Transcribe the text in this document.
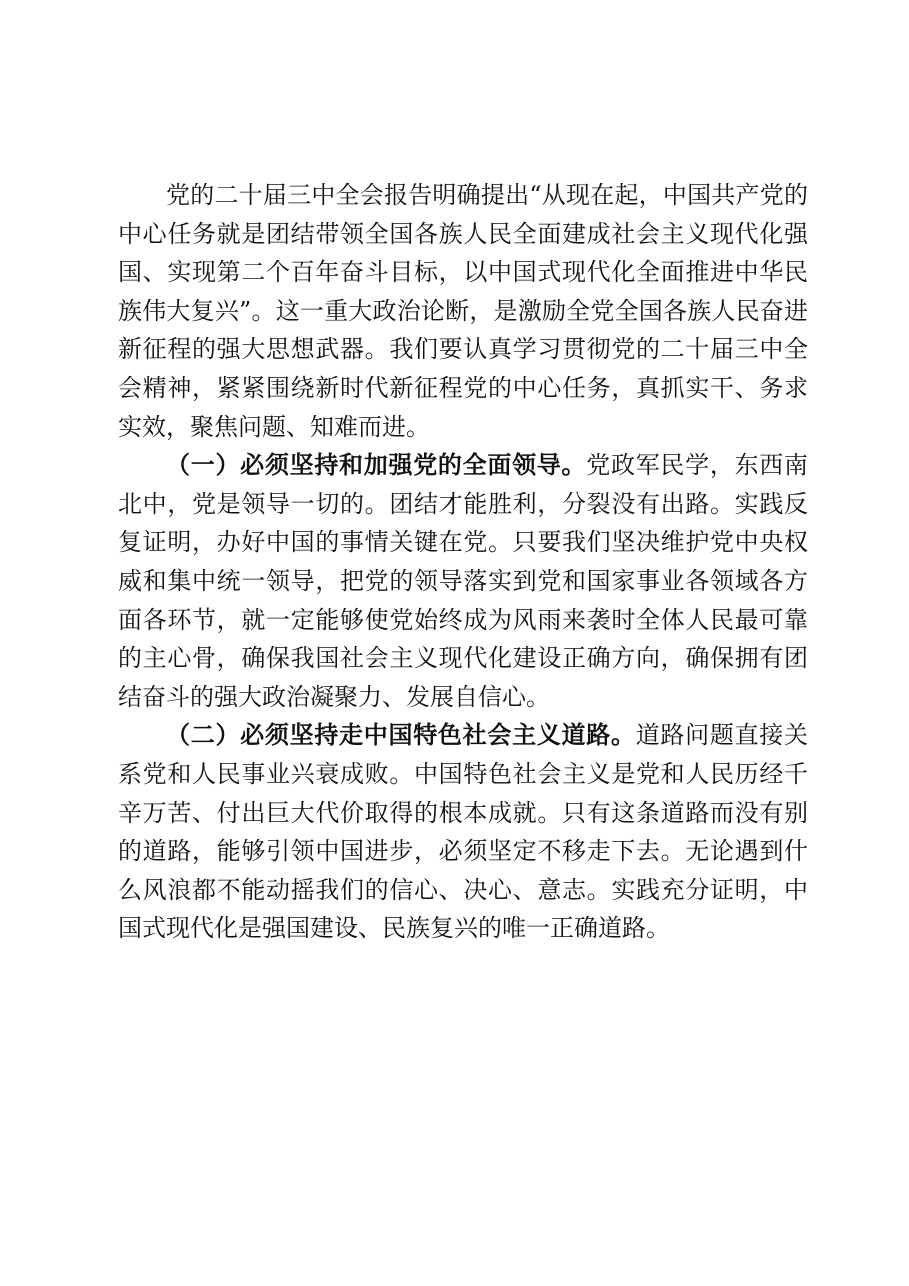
党的二十届三中全会报告明确提出“从现在起，中国共产党的中心任务就是团结带领全国各族人民全面建成社会主义现代化强国、实现第二个百年奋斗目标，以中国式现代化全面推进中华民族伟大复兴”。这一重大政治论断，是激励全党全国各族人民奋进新征程的强大思想武器。我们要认真学习贯彻党的二十届三中全会精神，紧紧围绕新时代新征程党的中心任务，真抓实干、务求实效，聚焦问题、知难而进。

（一）必须坚持和加强党的全面领导。党政军民学，东西南北中，党是领导一切的。团结才能胜利，分裂没有出路。实践反复证明，办好中国的事情关键在党。只要我们坚决维护党中央权威和集中统一领导，把党的领导落实到党和国家事业各领域各方面各环节，就一定能够使党始终成为风雨来袭时全体人民最可靠的主心骨，确保我国社会主义现代化建设正确方向，确保拥有团结奋斗的强大政治凝聚力、发展自信心。

（二）必须坚持走中国特色社会主义道路。道路问题直接关系党和人民事业兴衰成败。中国特色社会主义是党和人民历经千辛万苦、付出巨大代价取得的根本成就。只有这条道路而没有别的道路，能够引领中国进步，必须坚定不移走下去。无论遇到什么风浪都不能动摇我们的信心、决心、意志。实践充分证明，中国式现代化是强国建设、民族复兴的唯一正确道路。
